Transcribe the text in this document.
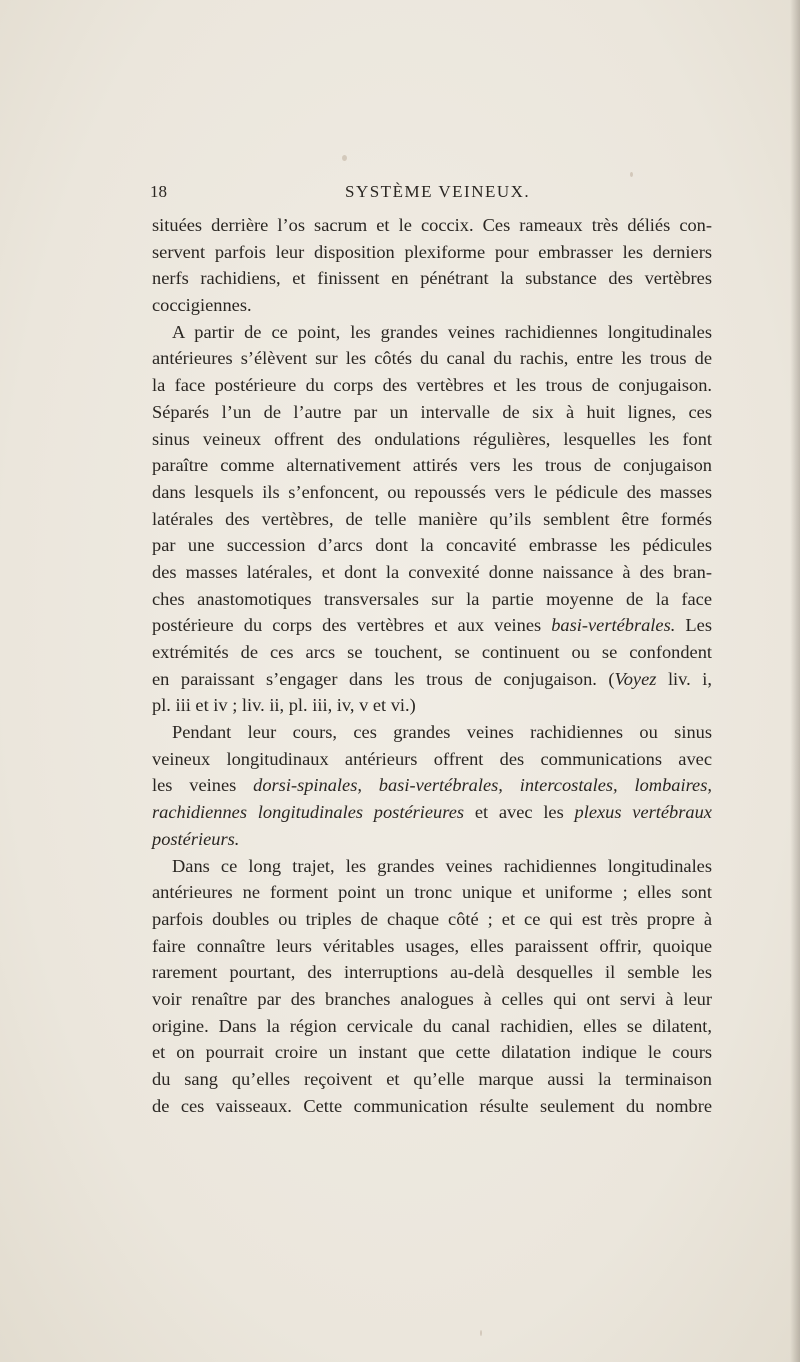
18	SYSTÈME VEINEUX.
situées derrière l’os sacrum et le coccix. Ces rameaux très déliés con-
servent parfois leur disposition plexiforme pour embrasser les derniers
nerfs rachidiens, et finissent en pénétrant la substance des vertèbres
coccigiennes.
A partir de ce point, les grandes veines rachidiennes longitudinales
antérieures s’élèvent sur les côtés du canal du rachis, entre les trous de
la face postérieure du corps des vertèbres et les trous de conjugaison.
Séparés l’un de l’autre par un intervalle de six à huit lignes, ces
sinus veineux offrent des ondulations régulières, lesquelles les font
paraître comme alternativement attirés vers les trous de conjugaison
dans lesquels ils s’enfoncent, ou repoussés vers le pédicule des masses
latérales des vertèbres, de telle manière qu’ils semblent être formés
par une succession d’arcs dont la concavité embrasse les pédicules
des masses latérales, et dont la convexité donne naissance à des bran-
ches anastomotiques transversales sur la partie moyenne de la face
postérieure du corps des vertèbres et aux veines basi-vertébrales. Les
extrémités de ces arcs se touchent, se continuent ou se confondent
en paraissant s’engager dans les trous de conjugaison. (Voyez liv. i,
pl. iii et iv ; liv. ii, pl. iii, iv, v et vi.)
Pendant leur cours, ces grandes veines rachidiennes ou sinus
veineux longitudinaux antérieurs offrent des communications avec
les veines dorsi-spinales, basi-vertébrales, intercostales, lombaires,
rachidiennes longitudinales postérieures et avec les plexus vertébraux
postérieurs.
Dans ce long trajet, les grandes veines rachidiennes longitudinales
antérieures ne forment point un tronc unique et uniforme ; elles sont
parfois doubles ou triples de chaque côté ; et ce qui est très propre à
faire connaître leurs véritables usages, elles paraissent offrir, quoique
rarement pourtant, des interruptions au-delà desquelles il semble les
voir renaître par des branches analogues à celles qui ont servi à leur
origine. Dans la région cervicale du canal rachidien, elles se dilatent,
et on pourrait croire un instant que cette dilatation indique le cours
du sang qu’elles reçoivent et qu’elle marque aussi la terminaison
de ces vaisseaux. Cette communication résulte seulement du nombre
